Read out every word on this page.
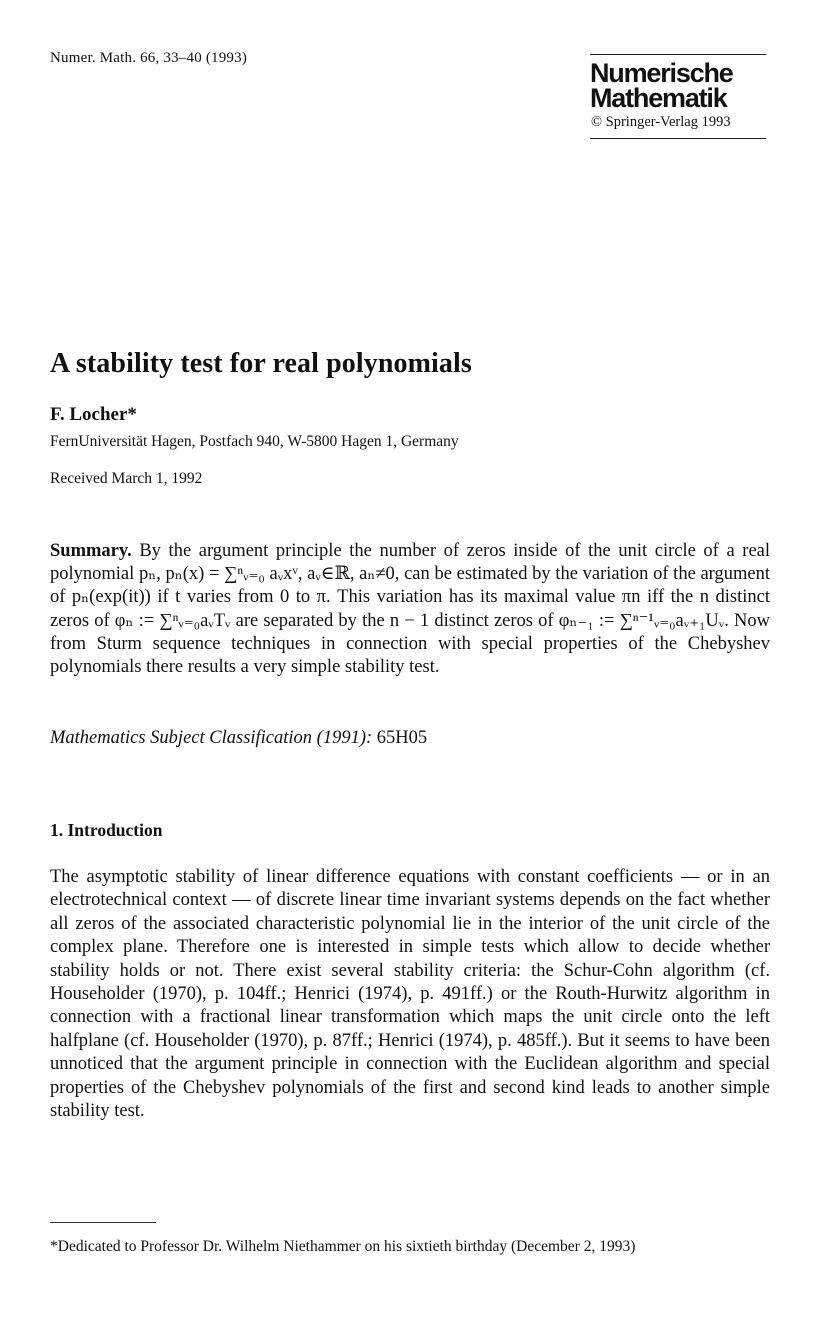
Numer. Math. 66, 33–40 (1993)	Numerische
Mathematik
© Springer-Verlag 1993
A stability test for real polynomials
F. Locher*
FernUniversität Hagen, Postfach 940, W-5800 Hagen 1, Germany
Received March 1, 1992
Summary. By the argument principle the number of zeros inside of the unit circle of a real polynomial pₙ, pₙ(x) = ∑ⁿᵥ₌₀ aᵥxᵛ, aᵥ∈ℝ, aₙ≠0, can be estimated by the variation of the argument of pₙ(exp(it)) if t varies from 0 to π. This variation has its maximal value πn iff the n distinct zeros of φₙ := ∑ⁿᵥ₌₀aᵥTᵥ are separated by the n − 1 distinct zeros of φₙ₋₁ := ∑ⁿ⁻¹ᵥ₌₀aᵥ₊₁Uᵥ. Now from Sturm sequence techniques in connection with special properties of the Chebyshev polynomials there results a very simple stability test.
Mathematics Subject Classification (1991): 65H05
1. Introduction
The asymptotic stability of linear difference equations with constant coefficients — or in an electrotechnical context — of discrete linear time invariant systems depends on the fact whether all zeros of the associated characteristic polynomial lie in the interior of the unit circle of the complex plane. Therefore one is interested in simple tests which allow to decide whether stability holds or not. There exist several stability criteria: the Schur-Cohn algorithm (cf. Householder (1970), p. 104ff.; Henrici (1974), p. 491ff.) or the Routh-Hurwitz algorithm in connection with a fractional linear transformation which maps the unit circle onto the left halfplane (cf. Householder (1970), p. 87ff.; Henrici (1974), p. 485ff.). But it seems to have been unnoticed that the argument principle in connection with the Euclidean algorithm and special properties of the Chebyshev polynomials of the first and second kind leads to another simple stability test.
*Dedicated to Professor Dr. Wilhelm Niethammer on his sixtieth birthday (December 2, 1993)
